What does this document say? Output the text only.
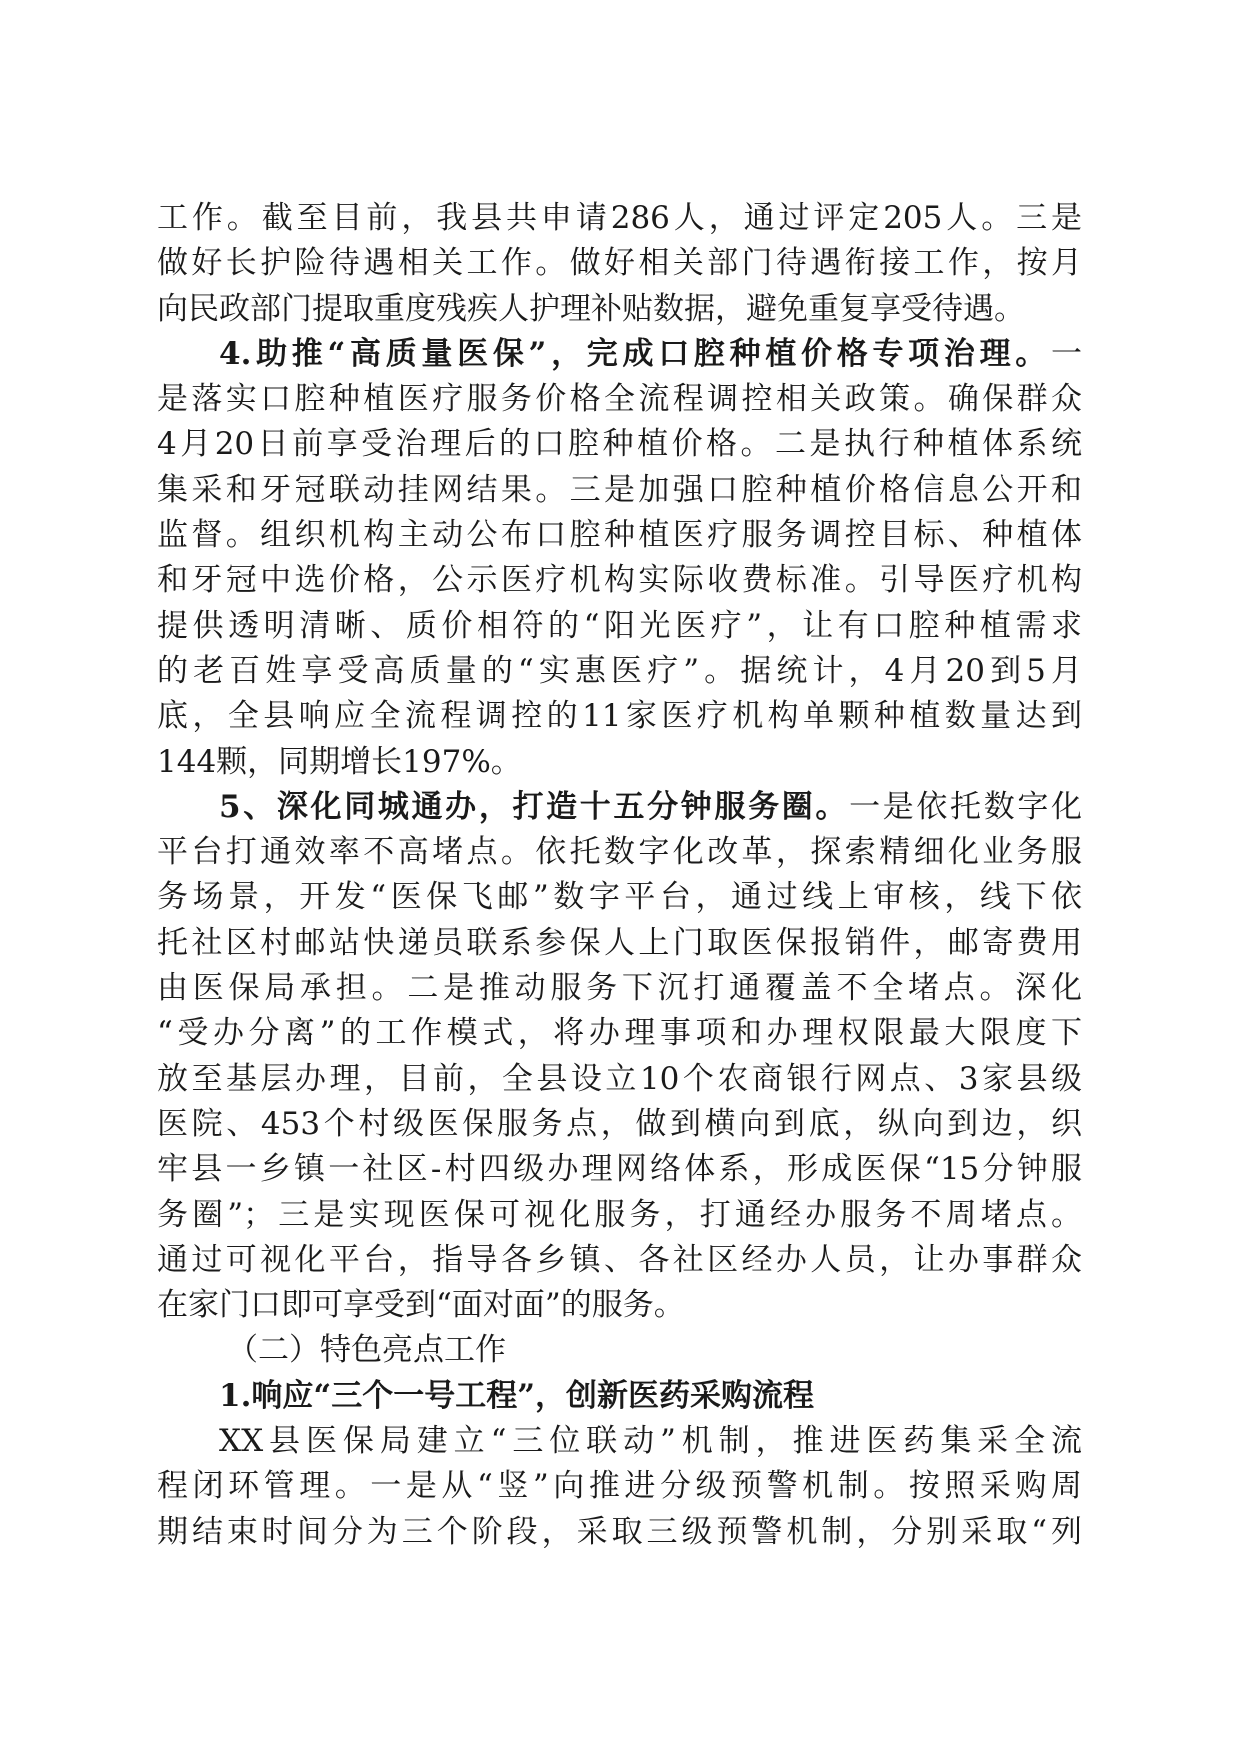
工作。截至目前，我县共申请286人，通过评定205人。三是
做好长护险待遇相关工作。做好相关部门待遇衔接工作，按月
向民政部门提取重度残疾人护理补贴数据，避免重复享受待遇。
4.助推“高质量医保”，完成口腔种植价格专项治理。一
是落实口腔种植医疗服务价格全流程调控相关政策。确保群众
4月20日前享受治理后的口腔种植价格。二是执行种植体系统
集采和牙冠联动挂网结果。三是加强口腔种植价格信息公开和
监督。组织机构主动公布口腔种植医疗服务调控目标、种植体
和牙冠中选价格，公示医疗机构实际收费标准。引导医疗机构
提供透明清晰、质价相符的“阳光医疗”，让有口腔种植需求
的老百姓享受高质量的“实惠医疗”。据统计，4月20到5月
底，全县响应全流程调控的11家医疗机构单颗种植数量达到
144颗，同期增长197%。
5、深化同城通办，打造十五分钟服务圈。一是依托数字化
平台打通效率不高堵点。依托数字化改革，探索精细化业务服
务场景，开发“医保飞邮”数字平台，通过线上审核，线下依
托社区村邮站快递员联系参保人上门取医保报销件，邮寄费用
由医保局承担。二是推动服务下沉打通覆盖不全堵点。深化
“受办分离”的工作模式，将办理事项和办理权限最大限度下
放至基层办理，目前，全县设立10个农商银行网点、3家县级
医院、453个村级医保服务点，做到横向到底，纵向到边，织
牢县一乡镇一社区-村四级办理网络体系，形成医保“15分钟服
务圈”；三是实现医保可视化服务，打通经办服务不周堵点。
通过可视化平台，指导各乡镇、各社区经办人员，让办事群众
在家门口即可享受到“面对面”的服务。
（二）特色亮点工作
1.响应“三个一号工程”，创新医药采购流程
XX县医保局建立“三位联动”机制，推进医药集采全流
程闭环管理。一是从“竖”向推进分级预警机制。按照采购周
期结束时间分为三个阶段，采取三级预警机制，分别采取“列
